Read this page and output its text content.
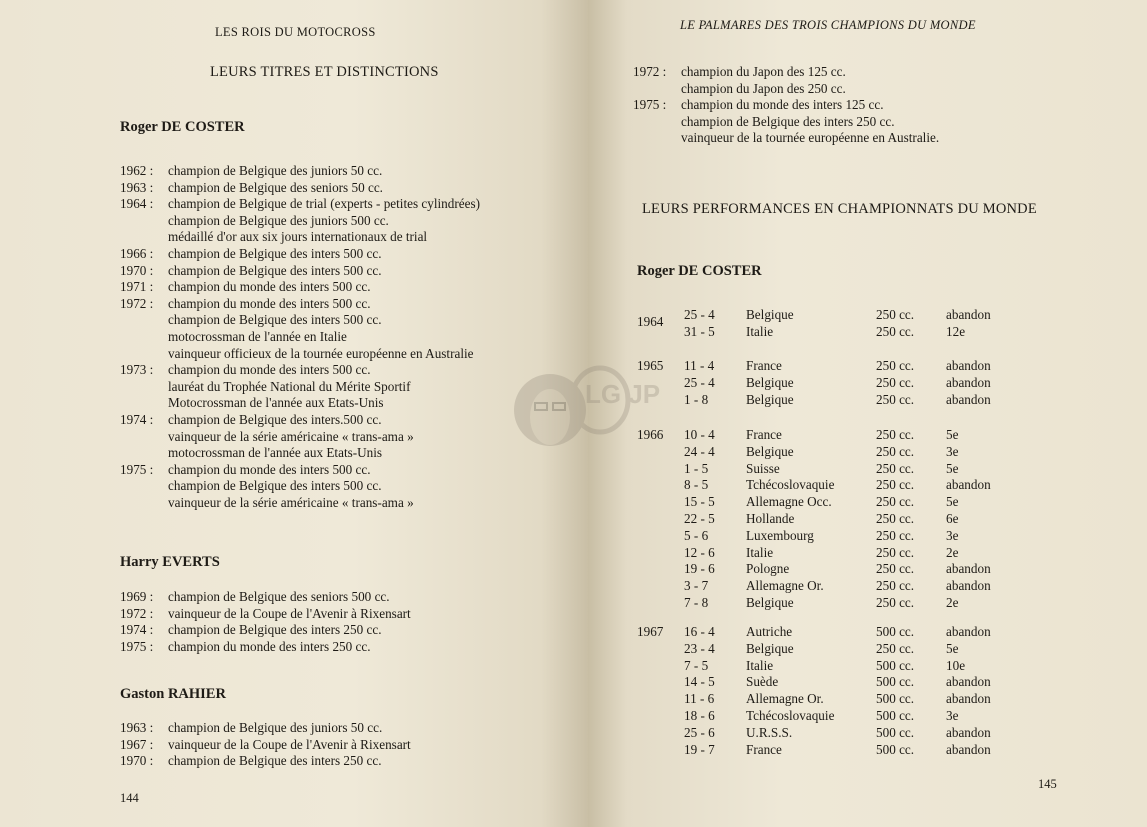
LES ROIS DU MOTOCROSS
LEURS TITRES ET DISTINCTIONS
Roger DE COSTER
1962 : champion de Belgique des juniors 50 cc.
1963 : champion de Belgique des seniors 50 cc.
1964 : champion de Belgique de trial (experts - petites cylindrées)
champion de Belgique des juniors 500 cc.
médaillé d'or aux six jours internationaux de trial
1966 : champion de Belgique des inters 500 cc.
1970 : champion de Belgique des inters 500 cc.
1971 : champion du monde des inters 500 cc.
1972 : champion du monde des inters 500 cc.
champion de Belgique des inters 500 cc.
motocrossman de l'année en Italie
vainqueur officieux de la tournée européenne en Australie
1973 : champion du monde des inters 500 cc.
lauréat du Trophée National du Mérite Sportif
Motocrossman de l'année aux Etats-Unis
1974 : champion de Belgique des inters.500 cc.
vainqueur de la série américaine « trans-ama »
motocrossman de l'année aux Etats-Unis
1975 : champion du monde des inters 500 cc.
champion de Belgique des inters 500 cc.
vainqueur de la série américaine « trans-ama »
Harry EVERTS
1969 : champion de Belgique des seniors 500 cc.
1972 : vainqueur de la Coupe de l'Avenir à Rixensart
1974 : champion de Belgique des inters 250 cc.
1975 : champion du monde des inters 250 cc.
Gaston RAHIER
1963 : champion de Belgique des juniors 50 cc.
1967 : vainqueur de la Coupe de l'Avenir à Rixensart
1970 : champion de Belgique des inters 250 cc.
144
LE PALMARES DES TROIS CHAMPIONS DU MONDE
1972 : champion du Japon des 125 cc.
champion du Japon des 250 cc.
1975 : champion du monde des inters 125 cc.
champion de Belgique des inters 250 cc.
vainqueur de la tournée européenne en Australie.
LEURS PERFORMANCES EN CHAMPIONNATS DU MONDE
Roger DE COSTER
1964 25 - 4 Belgique	250 cc. abandon
31 - 5 Italie	250 cc. 12e
1965 11 - 4 France	250 cc. abandon
25 - 4 Belgique	250 cc. abandon
1 - 8	Belgique	250 cc. abandon
1966 10 - 4 France	250 cc. 5e
24 - 4 Belgique	250 cc. 3e
1 - 5	Suisse	250 cc. 5e
8 - 5	Tchécoslovaquie	250 cc. abandon
15 - 5 Allemagne Occ.	250 cc. 5e
22 - 5 Hollande	250 cc. 6e
5 - 6	Luxembourg	250 cc. 3e
12 - 6 Italie	250 cc. 2e
19 - 6 Pologne	250 cc. abandon
3 - 7	Allemagne Or.	250 cc. abandon
7 - 8	Belgique	250 cc. 2e
1967 16 - 4 Autriche	500 cc. abandon
23 - 4 Belgique	250 cc. 5e
7 - 5	Italie	500 cc. 10e
14 - 5 Suède	500 cc. abandon
11 - 6 Allemagne Or.	500 cc. abandon
18 - 6 Tchécoslovaquie	500 cc. 3e
25 - 6 U.R.S.S.	500 cc. abandon
19 - 7 France	500 cc. abandon
145
LG JP
